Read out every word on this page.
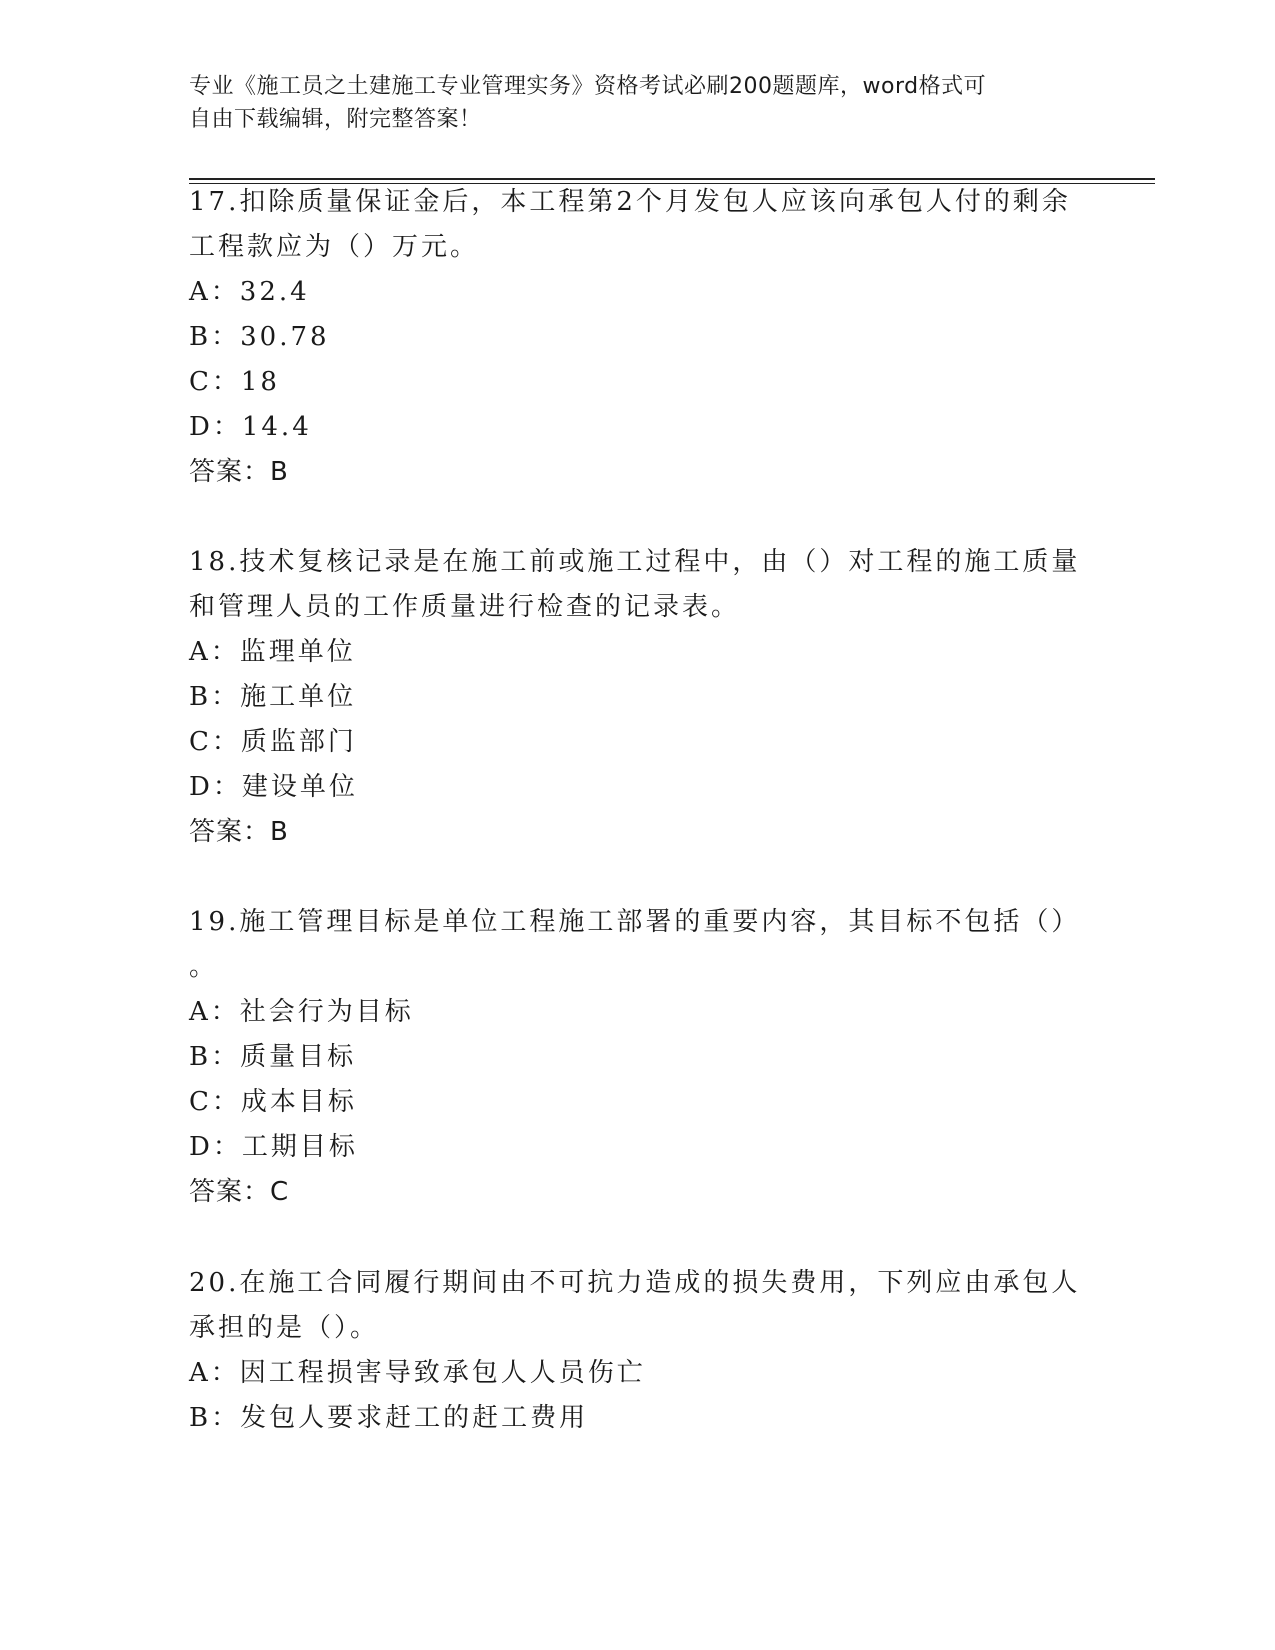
专业《施工员之土建施工专业管理实务》资格考试必刷200题题库，word格式可
自由下载编辑，附完整答案！
17.扣除质量保证金后，本工程第2个月发包人应该向承包人付的剩余
工程款应为（）万元。
A：32.4
B：30.78
C：18
D：14.4
答案：B
18.技术复核记录是在施工前或施工过程中，由（）对工程的施工质量
和管理人员的工作质量进行检查的记录表。
A：监理单位
B：施工单位
C：质监部门
D：建设单位
答案：B
19.施工管理目标是单位工程施工部署的重要内容，其目标不包括（）
。
A：社会行为目标
B：质量目标
C：成本目标
D：工期目标
答案：C
20.在施工合同履行期间由不可抗力造成的损失费用，下列应由承包人
承担的是（）。
A：因工程损害导致承包人人员伤亡
B：发包人要求赶工的赶工费用
